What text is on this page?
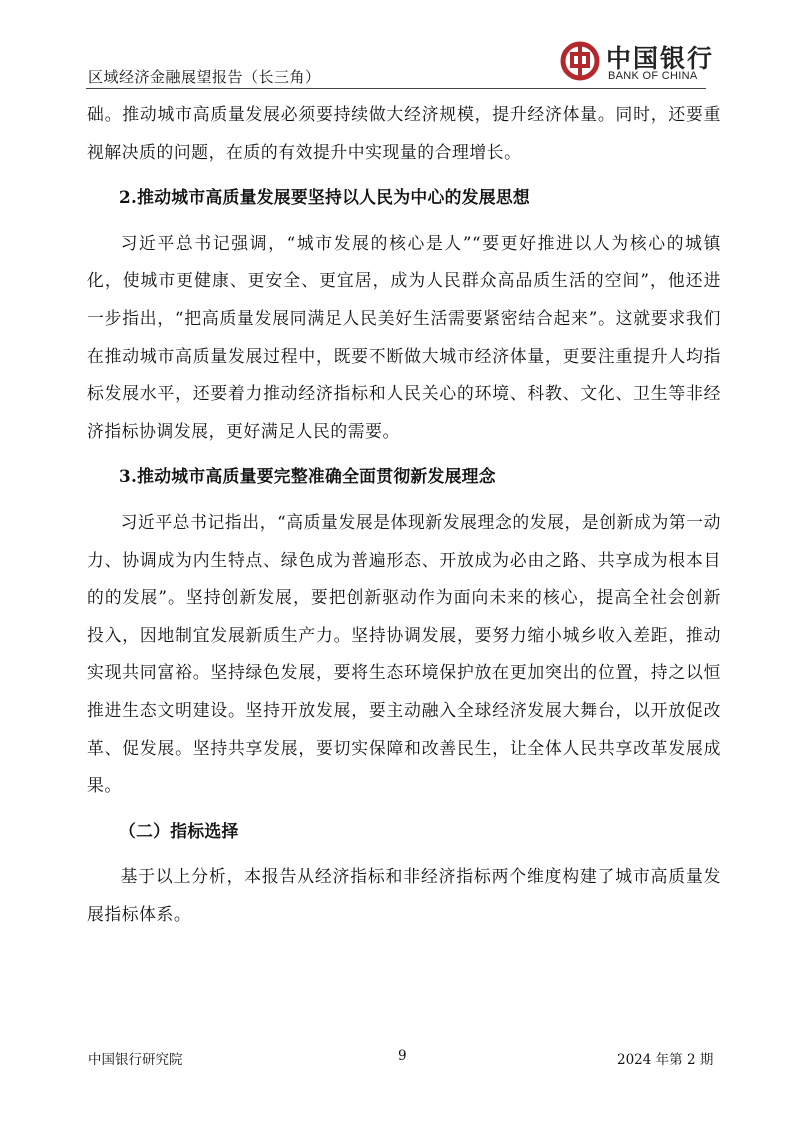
区域经济金融展望报告（长三角）
中国银行
BANK OF CHINA

础。推动城市高质量发展必须要持续做大经济规模，提升经济体量。同时，还要重视解决质的问题，在质的有效提升中实现量的合理增长。

2.推动城市高质量发展要坚持以人民为中心的发展思想

习近平总书记强调，“城市发展的核心是人”“要更好推进以人为核心的城镇化，使城市更健康、更安全、更宜居，成为人民群众高品质生活的空间”，他还进一步指出，“把高质量发展同满足人民美好生活需要紧密结合起来”。这就要求我们在推动城市高质量发展过程中，既要不断做大城市经济体量，更要注重提升人均指标发展水平，还要着力推动经济指标和人民关心的环境、科教、文化、卫生等非经济指标协调发展，更好满足人民的需要。

3.推动城市高质量要完整准确全面贯彻新发展理念

习近平总书记指出，“高质量发展是体现新发展理念的发展，是创新成为第一动力、协调成为内生特点、绿色成为普遍形态、开放成为必由之路、共享成为根本目的的发展”。坚持创新发展，要把创新驱动作为面向未来的核心，提高全社会创新投入，因地制宜发展新质生产力。坚持协调发展，要努力缩小城乡收入差距，推动实现共同富裕。坚持绿色发展，要将生态环境保护放在更加突出的位置，持之以恒推进生态文明建设。坚持开放发展，要主动融入全球经济发展大舞台，以开放促改革、促发展。坚持共享发展，要切实保障和改善民生，让全体人民共享改革发展成果。

（二）指标选择

基于以上分析，本报告从经济指标和非经济指标两个维度构建了城市高质量发展指标体系。

中国银行研究院	9	2024 年第 2 期
